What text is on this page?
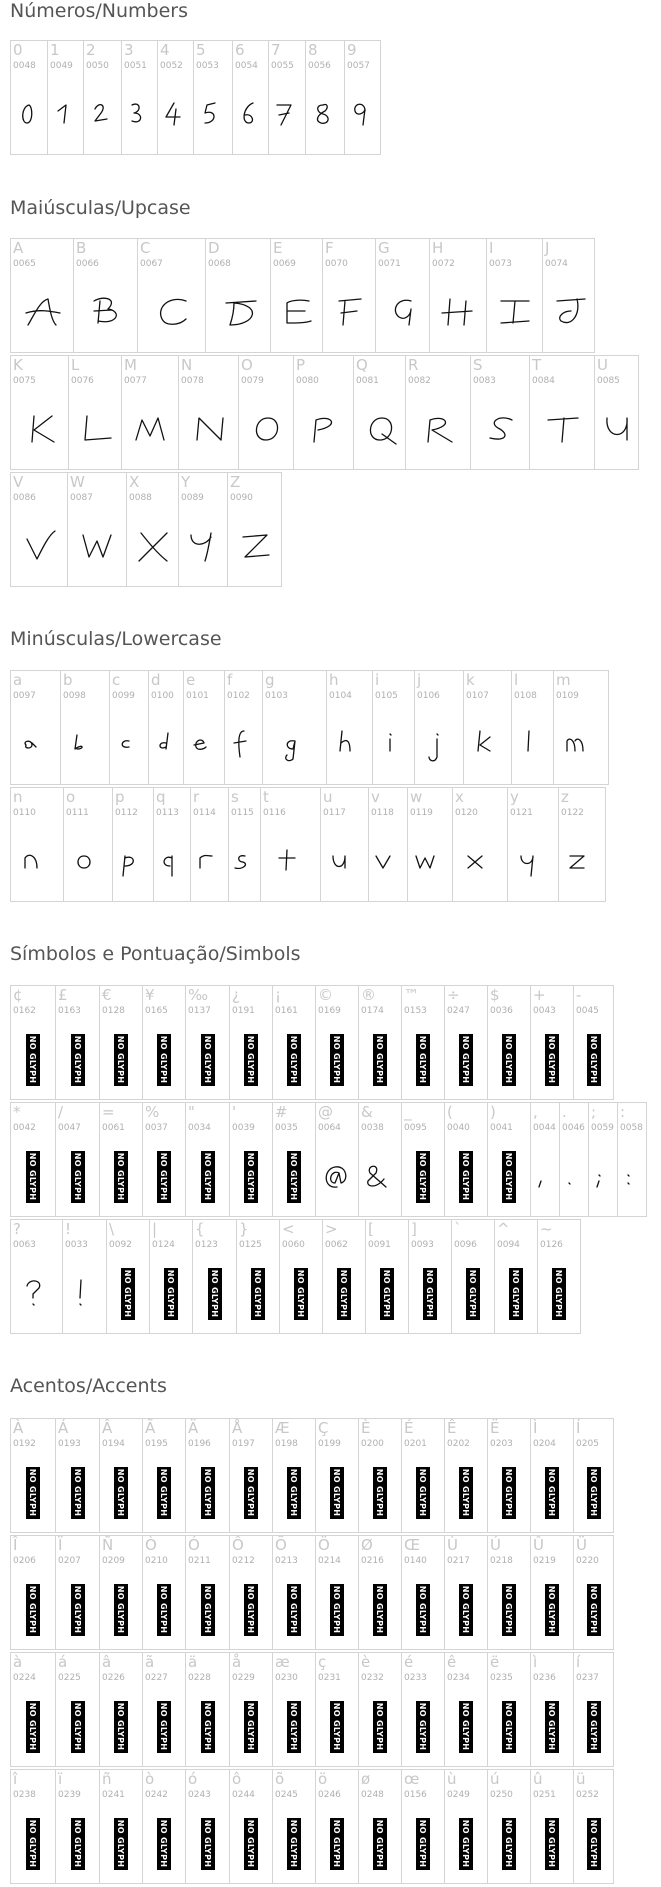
Números/Numbers
0
0048
1
0049
2
0050
3
0051
4
0052
5
0053
6
0054
7
0055
8
0056
9
0057
Maiúsculas/Upcase
A
0065
B
0066
C
0067
D
0068
E
0069
F
0070
G
0071
H
0072
I
0073
J
0074
K
0075
L
0076
M
0077
N
0078
O
0079
P
0080
Q
0081
R
0082
S
0083
T
0084
U
0085
V
0086
W
0087
X
0088
Y
0089
Z
0090
Minúsculas/Lowercase
a
0097
b
0098
c
0099
d
0100
e
0101
f
0102
g
0103
h
0104
i
0105
j
0106
k
0107
l
0108
m
0109
n
0110
o
0111
p
0112
q
0113
r
0114
s
0115
t
0116
u
0117
v
0118
w
0119
x
0120
y
0121
z
0122
Símbolos e Pontuação/Simbols
¢
0162
NO GLYPH
£
0163
NO GLYPH
€
0128
NO GLYPH
¥
0165
NO GLYPH
‰
0137
NO GLYPH
¿
0191
NO GLYPH
¡
0161
NO GLYPH
©
0169
NO GLYPH
®
0174
NO GLYPH
™
0153
NO GLYPH
÷
0247
NO GLYPH
$
0036
NO GLYPH
+
0043
NO GLYPH
-
0045
NO GLYPH
*
0042
NO GLYPH
/
0047
NO GLYPH
=
0061
NO GLYPH
%
0037
NO GLYPH
"
0034
NO GLYPH
'
0039
NO GLYPH
#
0035
NO GLYPH
@
0064
&
0038
_
0095
NO GLYPH
(
0040
NO GLYPH
)
0041
NO GLYPH
,
0044
.
0046
;
0059
:
0058
?
0063
!
0033
\
0092
NO GLYPH
|
0124
NO GLYPH
{
0123
NO GLYPH
}
0125
NO GLYPH
<
0060
NO GLYPH
>
0062
NO GLYPH
[
0091
NO GLYPH
]
0093
NO GLYPH
`
0096
NO GLYPH
^
0094
NO GLYPH
~
0126
NO GLYPH
Acentos/Accents
À
0192
NO GLYPH
Á
0193
NO GLYPH
Â
0194
NO GLYPH
Ã
0195
NO GLYPH
Ä
0196
NO GLYPH
Å
0197
NO GLYPH
Æ
0198
NO GLYPH
Ç
0199
NO GLYPH
È
0200
NO GLYPH
É
0201
NO GLYPH
Ê
0202
NO GLYPH
Ë
0203
NO GLYPH
Ì
0204
NO GLYPH
Í
0205
NO GLYPH
Î
0206
NO GLYPH
Ï
0207
NO GLYPH
Ñ
0209
NO GLYPH
Ò
0210
NO GLYPH
Ó
0211
NO GLYPH
Ô
0212
NO GLYPH
Õ
0213
NO GLYPH
Ö
0214
NO GLYPH
Ø
0216
NO GLYPH
Œ
0140
NO GLYPH
Ù
0217
NO GLYPH
Ú
0218
NO GLYPH
Û
0219
NO GLYPH
Ü
0220
NO GLYPH
à
0224
NO GLYPH
á
0225
NO GLYPH
â
0226
NO GLYPH
ã
0227
NO GLYPH
ä
0228
NO GLYPH
å
0229
NO GLYPH
æ
0230
NO GLYPH
ç
0231
NO GLYPH
è
0232
NO GLYPH
é
0233
NO GLYPH
ê
0234
NO GLYPH
ë
0235
NO GLYPH
ì
0236
NO GLYPH
í
0237
NO GLYPH
î
0238
NO GLYPH
ï
0239
NO GLYPH
ñ
0241
NO GLYPH
ò
0242
NO GLYPH
ó
0243
NO GLYPH
ô
0244
NO GLYPH
õ
0245
NO GLYPH
ö
0246
NO GLYPH
ø
0248
NO GLYPH
œ
0156
NO GLYPH
ù
0249
NO GLYPH
ú
0250
NO GLYPH
û
0251
NO GLYPH
ü
0252
NO GLYPH
